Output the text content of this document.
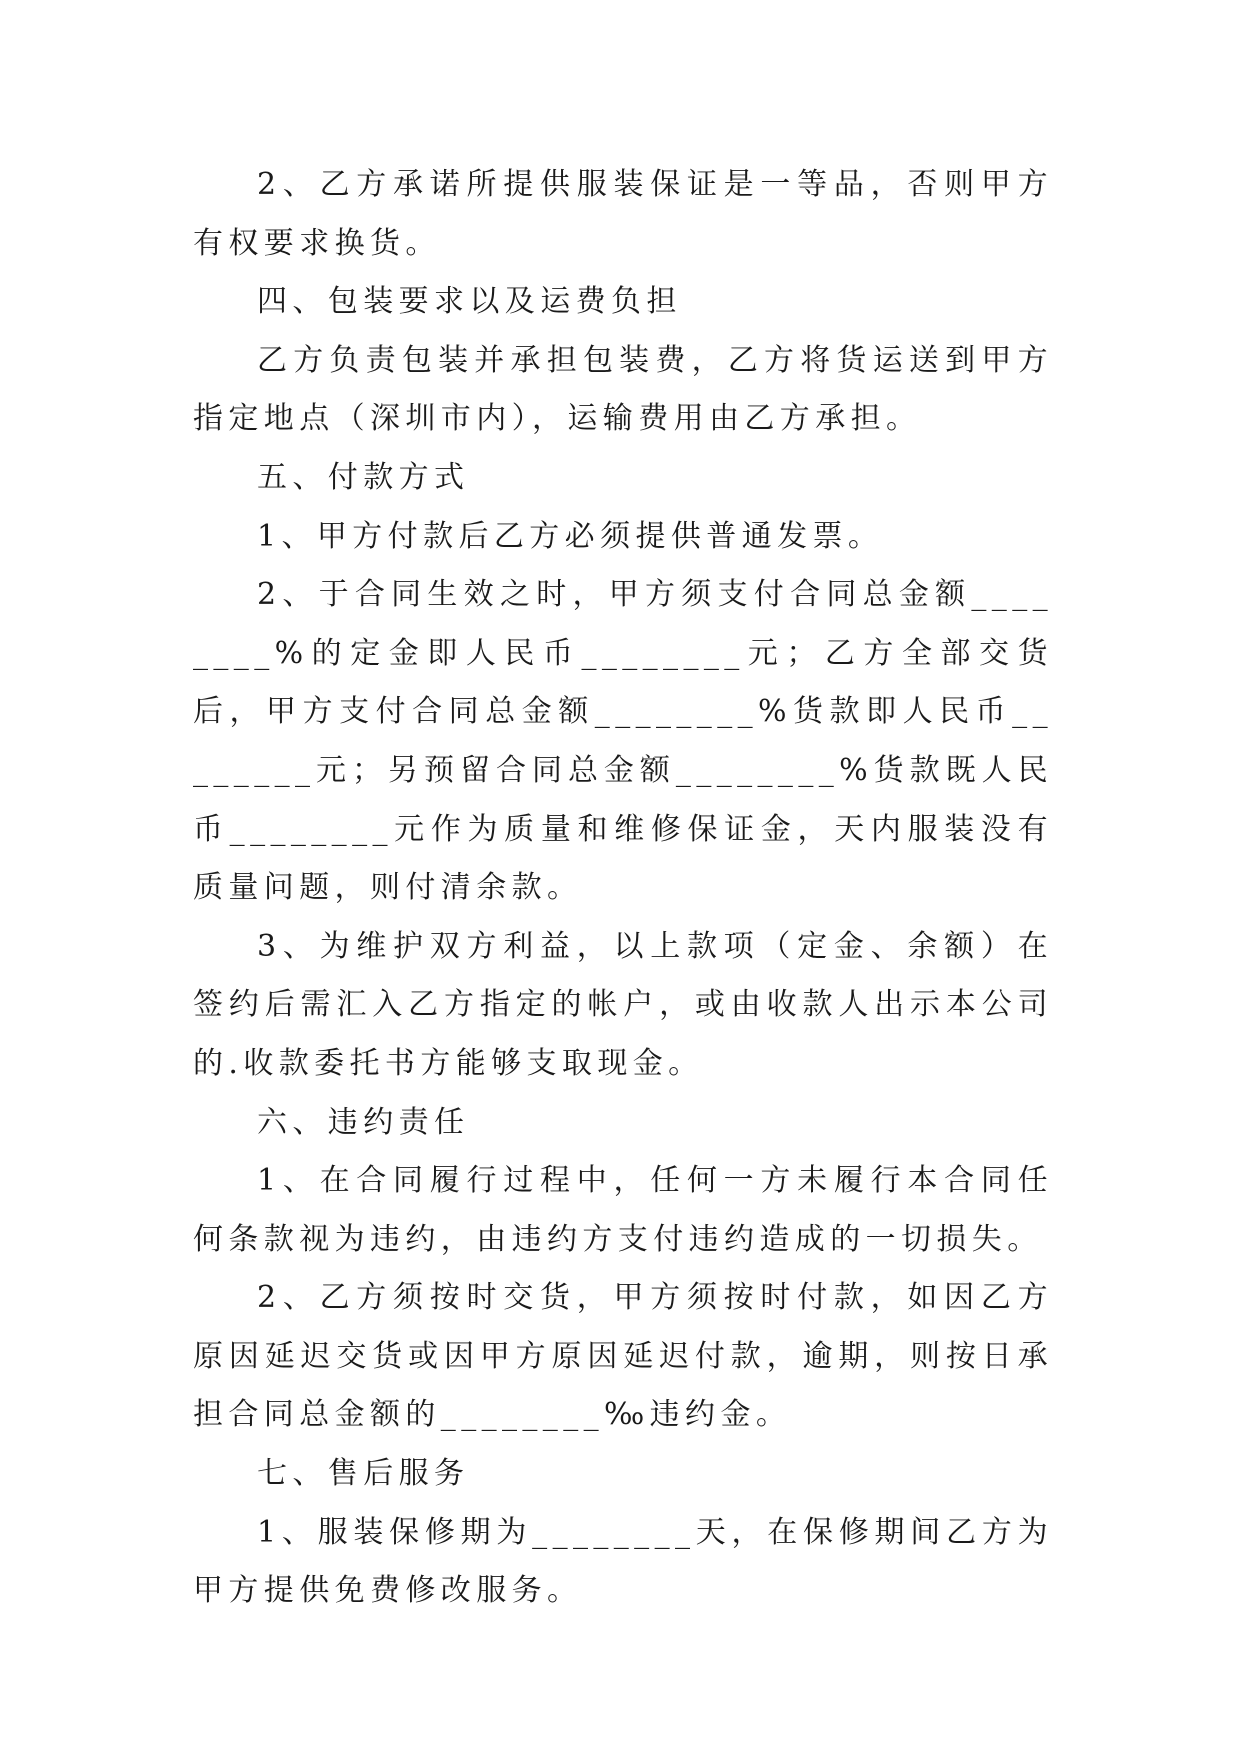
2、乙方承诺所提供服装保证是一等品，否则甲方有权要求换货。

四、包装要求以及运费负担

乙方负责包装并承担包装费，乙方将货运送到甲方指定地点（深圳市内），运输费用由乙方承担。

五、付款方式

1、甲方付款后乙方必须提供普通发票。

2、于合同生效之时，甲方须支付合同总金额________%的定金即人民币________元；乙方全部交货后，甲方支付合同总金额________%货款即人民币________元；另预留合同总金额________%货款既人民币________元作为质量和维修保证金，天内服装没有质量问题，则付清余款。

3、为维护双方利益，以上款项（定金、余额）在签约后需汇入乙方指定的帐户，或由收款人出示本公司的.收款委托书方能够支取现金。

六、违约责任

1、在合同履行过程中，任何一方未履行本合同任何条款视为违约，由违约方支付违约造成的一切损失。

2、乙方须按时交货，甲方须按时付款，如因乙方原因延迟交货或因甲方原因延迟付款，逾期，则按日承担合同总金额的________‰违约金。

七、售后服务

1、服装保修期为________天，在保修期间乙方为甲方提供免费修改服务。
